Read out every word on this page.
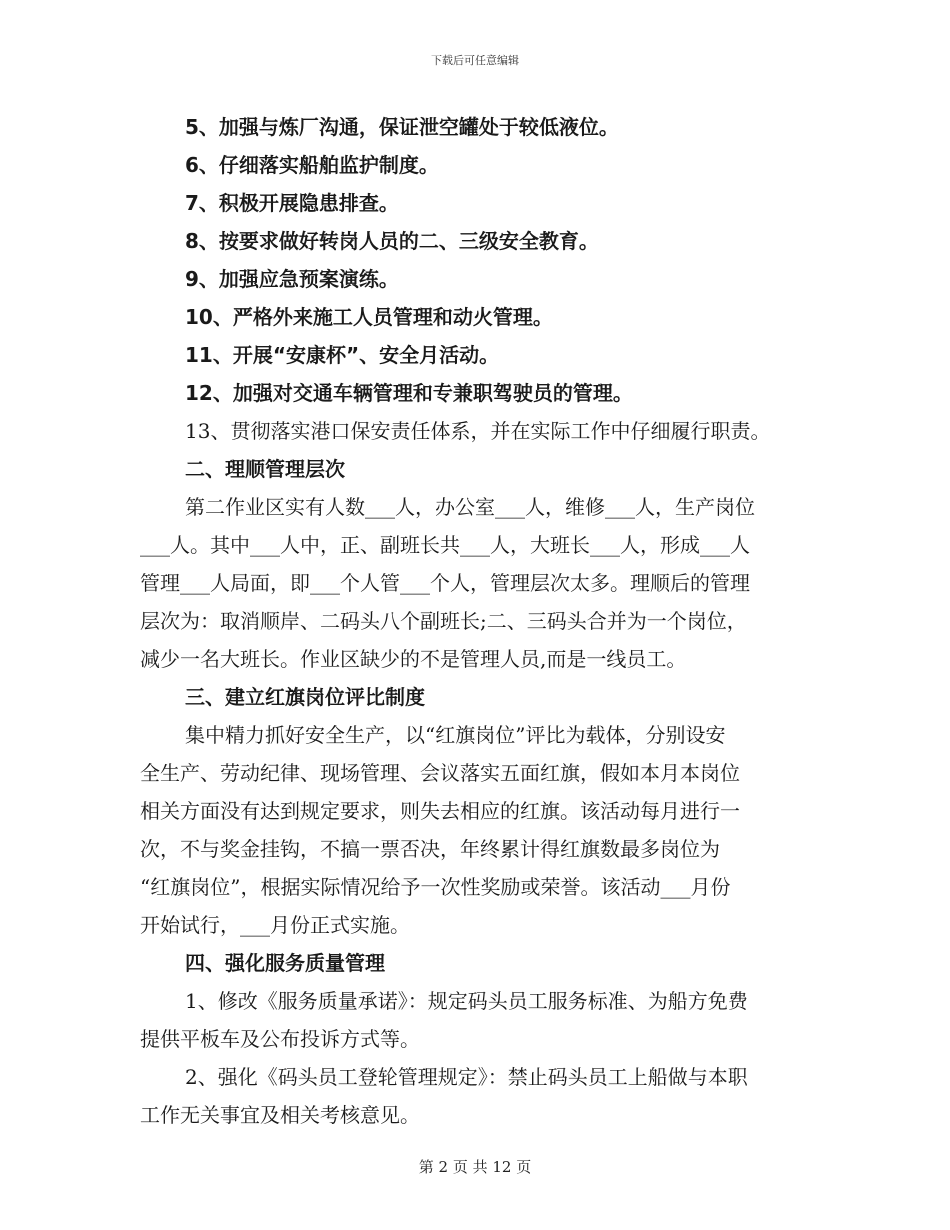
下载后可任意编辑
5、加强与炼厂沟通，保证泄空罐处于较低液位。
6、仔细落实船舶监护制度。
7、积极开展隐患排查。
8、按要求做好转岗人员的二、三级安全教育。
9、加强应急预案演练。
10、严格外来施工人员管理和动火管理。
11、开展“安康杯”、安全月活动。
12、加强对交通车辆管理和专兼职驾驶员的管理。
13、贯彻落实港口保安责任体系，并在实际工作中仔细履行职责。
二、理顺管理层次
第二作业区实有人数___人，办公室___人，维修___人，生产岗位
___人。其中___人中，正、副班长共___人，大班长___人，形成___人
管理___人局面，即___个人管___个人，管理层次太多。理顺后的管理
层次为：取消顺岸、二码头八个副班长;二、三码头合并为一个岗位，
减少一名大班长。作业区缺少的不是管理人员,而是一线员工。
三、建立红旗岗位评比制度
集中精力抓好安全生产，以“红旗岗位”评比为载体，分别设安
全生产、劳动纪律、现场管理、会议落实五面红旗，假如本月本岗位
相关方面没有达到规定要求，则失去相应的红旗。该活动每月进行一
次，不与奖金挂钩，不搞一票否决，年终累计得红旗数最多岗位为
“红旗岗位”，根据实际情况给予一次性奖励或荣誉。该活动___月份
开始试行，___月份正式实施。
四、强化服务质量管理
1、修改《服务质量承诺》：规定码头员工服务标准、为船方免费
提供平板车及公布投诉方式等。
2、强化《码头员工登轮管理规定》：禁止码头员工上船做与本职
工作无关事宜及相关考核意见。
第 2 页 共 12 页
